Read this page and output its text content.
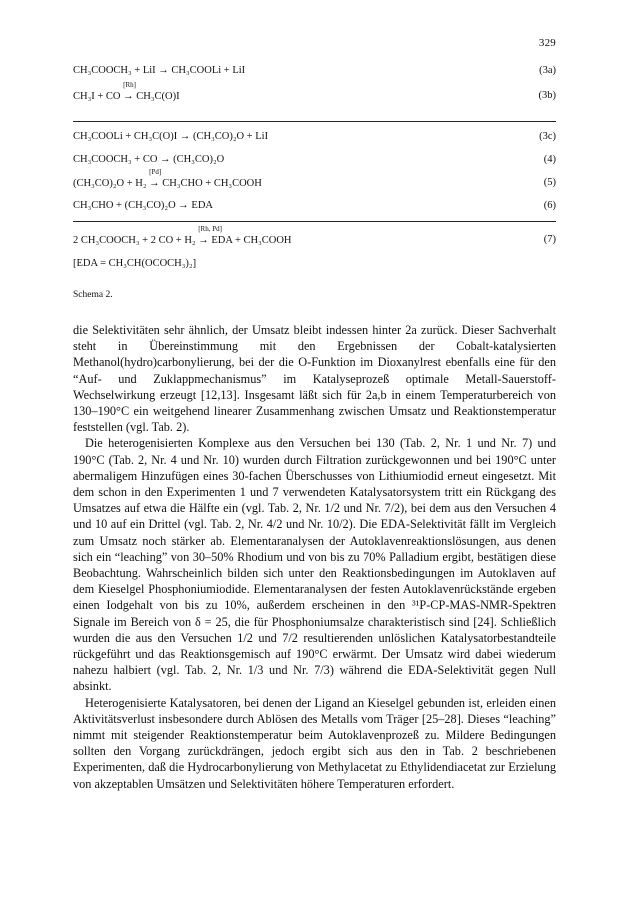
329
CH₃COOCH₃ + LiI → CH₃COOLi + LiI	(3a)
CH₃I + CO
[Rh]
→ CH₃C(O)I	(3b)
CH₃COOLi + CH₃C(O)I → (CH₃CO)₂O + LiI	(3c)
CH₃COOCH₃ + CO → (CH₃CO)₂O	(4)
(CH₃CO)₂O + H₂
[Pd]
→ CH₃CHO + CH₃COOH	(5)
CH₃CHO + (CH₃CO)₂O → EDA	(6)
2 CH₃COOCH₃ + 2 CO + H₂
[Rh, Pd]
→ EDA + CH₃COOH	(7)
[EDA = CH₃CH(OCOCH₃)₂]
Schema 2.

die Selektivitäten sehr ähnlich, der Umsatz bleibt indessen hinter 2a zurück. Dieser Sachverhalt steht in Übereinstimmung mit den Ergebnissen der Cobalt-katalysierten Methanol(hydro)carbonylierung, bei der die O-Funktion im Dioxanylrest ebenfalls eine für den “Auf- und Zuklappmechanismus” im Katalyseprozeß optimale Metall-Sauerstoff-Wechselwirkung erzeugt [12,13]. Insgesamt läßt sich für 2a,b in einem Temperaturbereich von 130–190°C ein weitgehend linearer Zusammenhang zwischen Umsatz und Reaktionstemperatur feststellen (vgl. Tab. 2).

Die heterogenisierten Komplexe aus den Versuchen bei 130 (Tab. 2, Nr. 1 und Nr. 7) und 190°C (Tab. 2, Nr. 4 und Nr. 10) wurden durch Filtration zurückgewonnen und bei 190°C unter abermaligem Hinzufügen eines 30-fachen Überschusses von Lithiumiodid erneut eingesetzt. Mit dem schon in den Experimenten 1 und 7 verwendeten Katalysatorsystem tritt ein Rückgang des Umsatzes auf etwa die Hälfte ein (vgl. Tab. 2, Nr. 1/2 und Nr. 7/2), bei dem aus den Versuchen 4 und 10 auf ein Drittel (vgl. Tab. 2, Nr. 4/2 und Nr. 10/2). Die EDA-Selektivität fällt im Vergleich zum Umsatz noch stärker ab. Elementaranalysen der Autoklavenreaktionslösungen, aus denen sich ein “leaching” von 30–50% Rhodium und von bis zu 70% Palladium ergibt, bestätigen diese Beobachtung. Wahrscheinlich bilden sich unter den Reaktionsbedingungen im Autoklaven auf dem Kieselgel Phosphoniumiodide. Elementaranalysen der festen Autoklavenrückstände ergeben einen Iodgehalt von bis zu 10%, außerdem erscheinen in den ³¹P-CP-MAS-NMR-Spektren Signale im Bereich von δ = 25, die für Phosphoniumsalze charakteristisch sind [24]. Schließlich wurden die aus den Versuchen 1/2 und 7/2 resultierenden unlöslichen Katalysatorbestandteile rückgeführt und das Reaktionsgemisch auf 190°C erwärmt. Der Umsatz wird dabei wiederum nahezu halbiert (vgl. Tab. 2, Nr. 1/3 und Nr. 7/3) während die EDA-Selektivität gegen Null absinkt.

Heterogenisierte Katalysatoren, bei denen der Ligand an Kieselgel gebunden ist, erleiden einen Aktivitätsverlust insbesondere durch Ablösen des Metalls vom Träger [25–28]. Dieses “leaching” nimmt mit steigender Reaktionstemperatur beim Autoklavenprozeß zu. Mildere Bedingungen sollten den Vorgang zurückdrängen, jedoch ergibt sich aus den in Tab. 2 beschriebenen Experimenten, daß die Hydrocarbonylierung von Methylacetat zu Ethylidendiacetat zur Erzielung von akzeptablen Umsätzen und Selektivitäten höhere Temperaturen erfordert.
